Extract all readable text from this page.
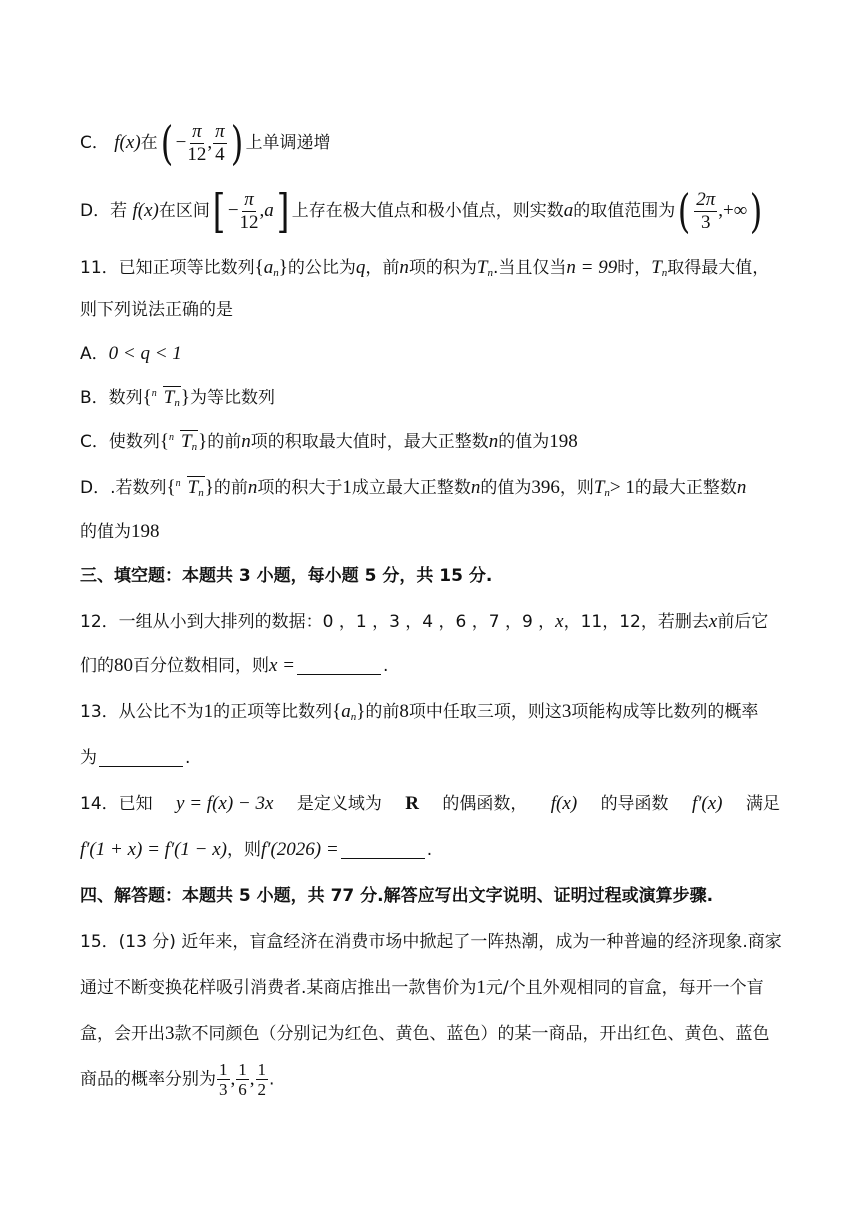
C． f(x)在( − $\frac{\pi}{12}$ , $\frac{\pi}{4}$ ) 上单调递增
D．若 f(x)在区间[ − $\frac{\pi}{12} ,a$] 上存在极大值点和极小值点，则实数a的取值范围为( $\frac{2\pi}{3}$ ,+∞)
11．已知正项等比数列$\{a_n\}$的公比为q，前n项的积为$T_n$.当且仅当n = 99时，$T_n$取得最大值，
则下列说法正确的是
A．0 < q < 1
B．数列{ n $T_n$}为等比数列
C．使数列{ n $T_n$}的前n项的积取最大值时，最大正整数n的值为198
D．.若数列{ n $T_n$}的前n项的积大于1成立最大正整数n的值为396，则$T_n> 1$的最大正整数n
的值为198
三、填空题：本题共 3 小题，每小题 5 分，共 15 分.
12．一组从小到大排列的数据：0 ，1 ，3 ，4 ，6 ，7 ，9 ，x，11，12，若删去x前后它
们的80百分位数相同，则x =	.
13．从公比不为1的正项等比数列$\{a_n\}$的前8项中任取三项，则这3项能构成等比数列的概率
为	.
14．已知 y = f(x) − 3x 是定义域为 R 的偶函数， f(x) 的导函数 f′(x) 满足
f′(1 + x) = f′(1 − x)，则f′(2026) =	.
四、解答题：本题共 5 小题，共 77 分.解答应写出文字说明、证明过程或演算步骤.
15．(13 分) 近年来，盲盒经济在消费市场中掀起了一阵热潮，成为一种普遍的经济现象.商家
通过不断变换花样吸引消费者.某商店推出一款售价为1元/个且外观相同的盲盒，每开一个盲
盒，会开出3款不同颜色（分别记为红色、黄色、蓝色）的某一商品，开出红色、黄色、蓝色
商品的概率分别为 $\frac{1}{3}$ , $\frac{1}{6}$ , $\frac{1}{2}$ .
